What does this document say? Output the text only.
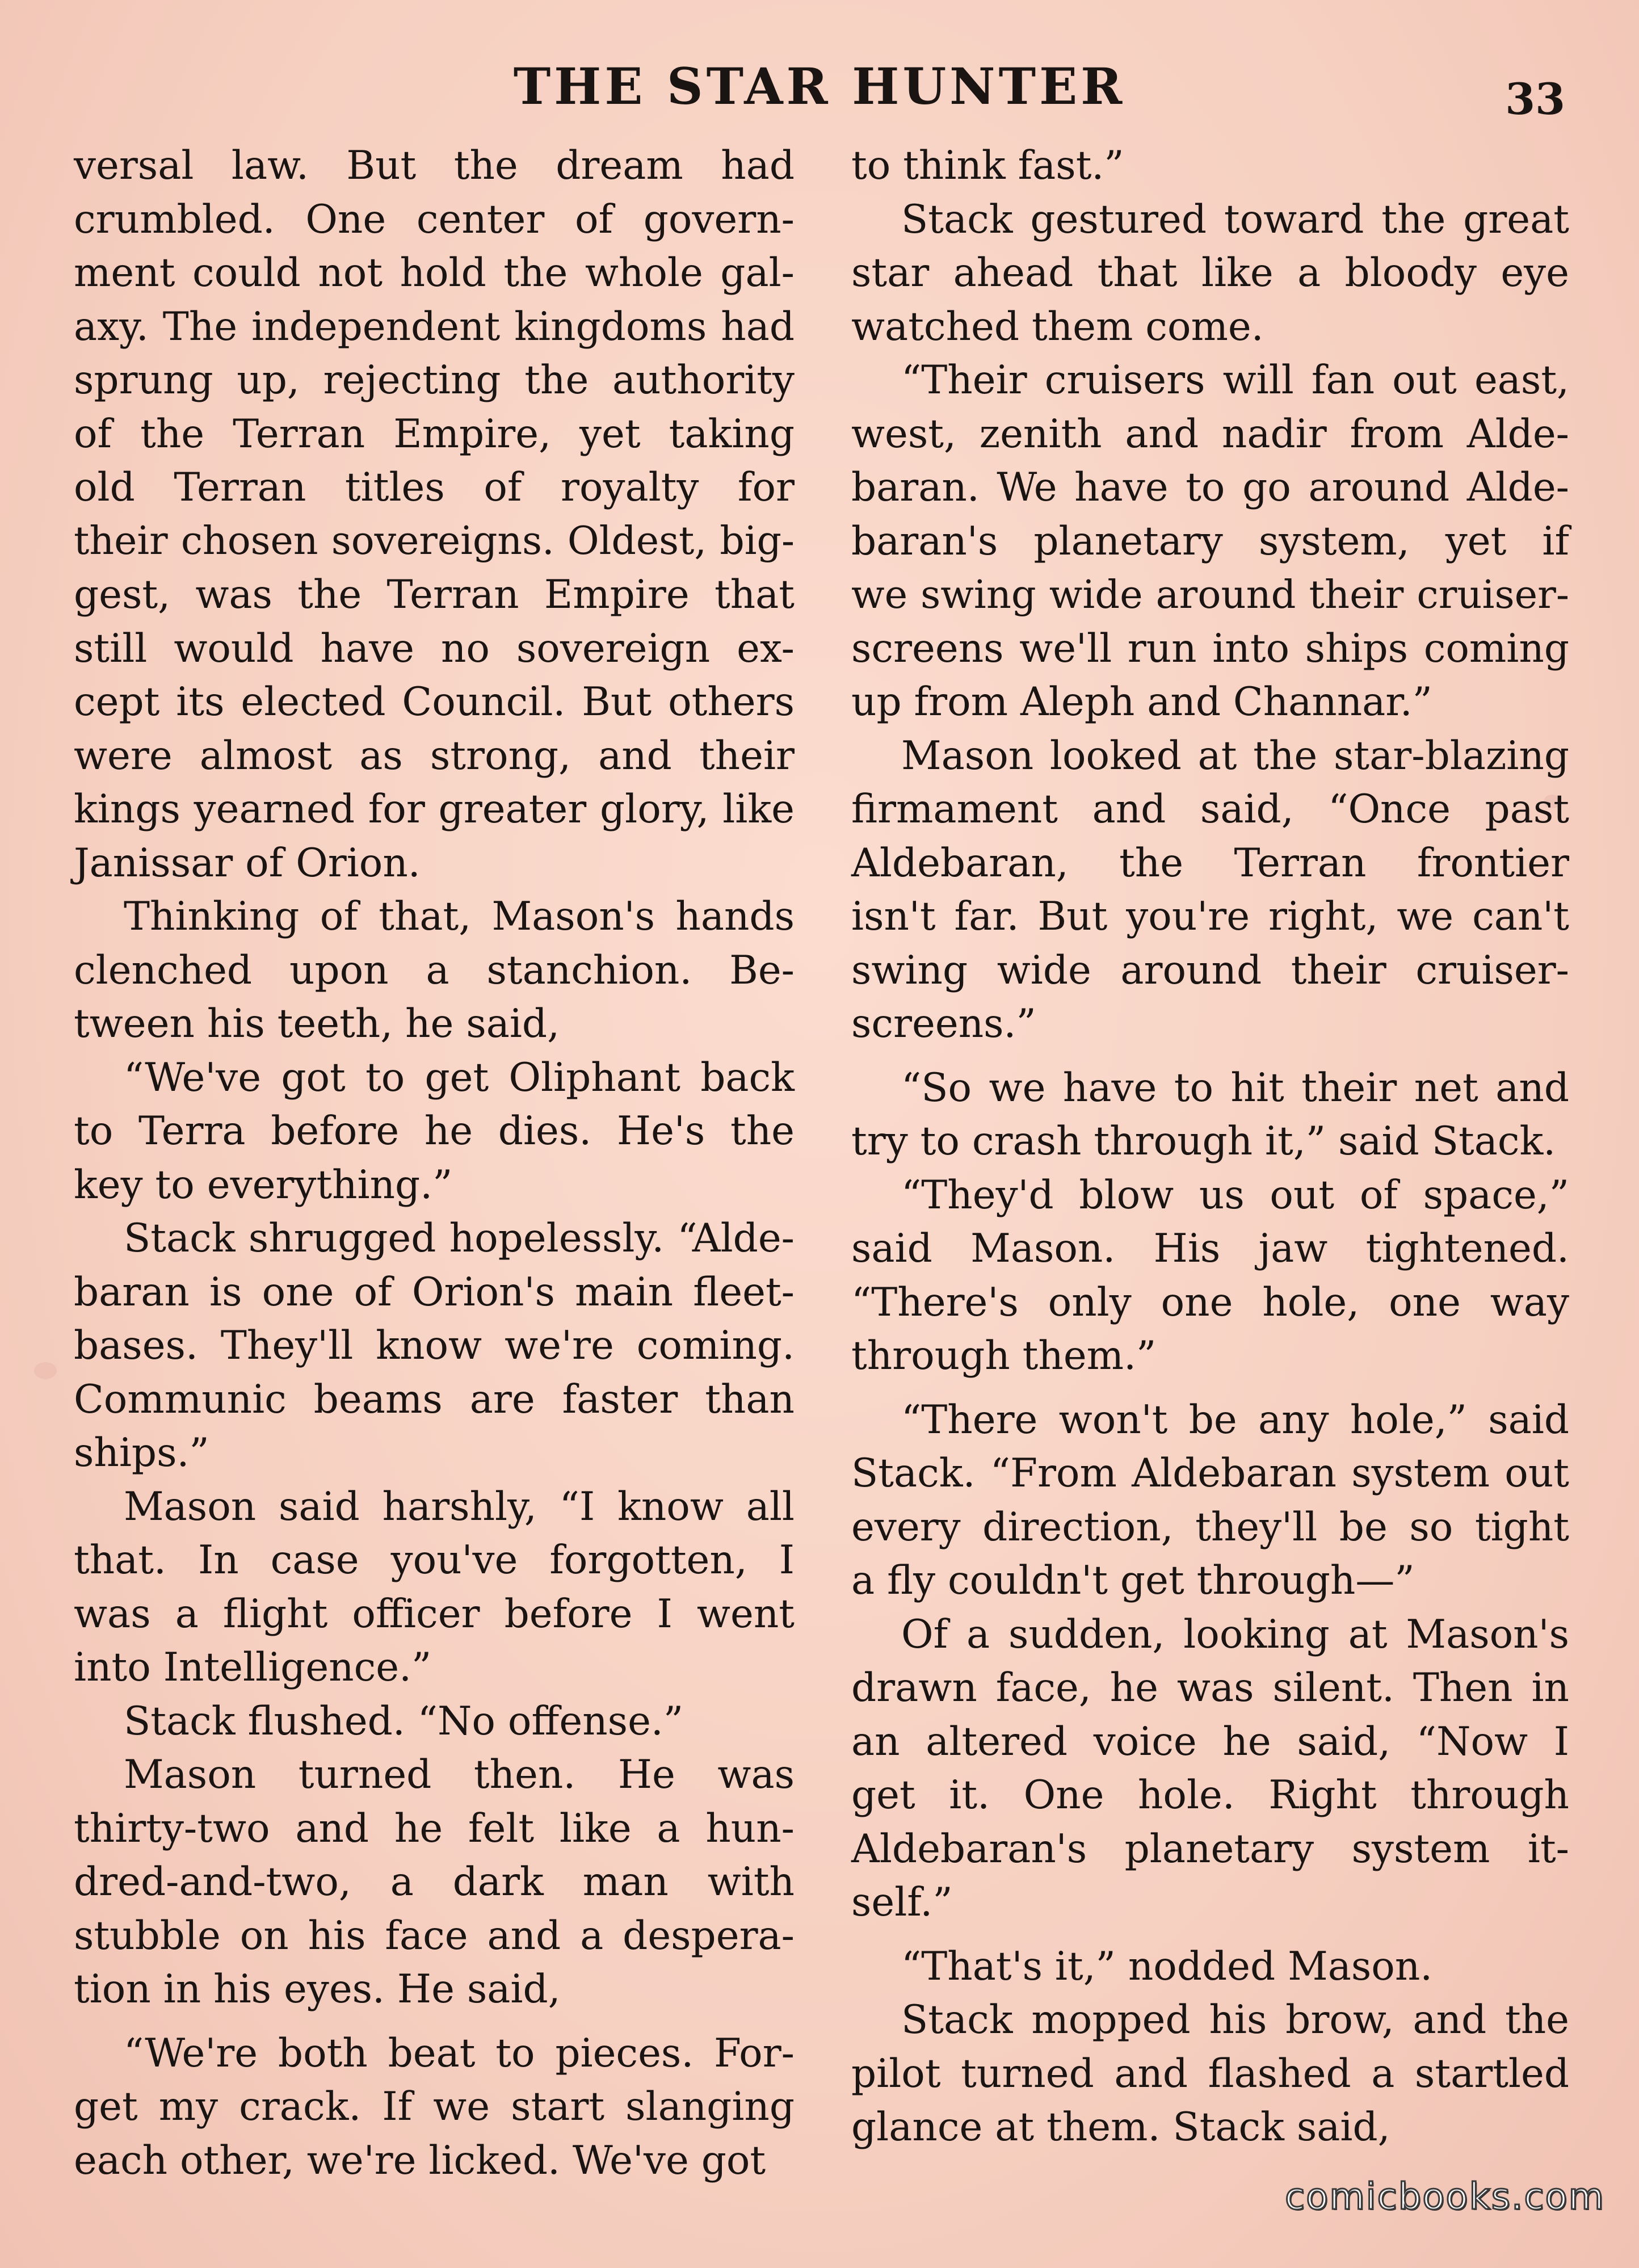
THE STAR HUNTER	33
versal law. But the dream had
crumbled. One center of govern-
ment could not hold the whole gal-
axy. The independent kingdoms had
sprung up, rejecting the authority
of the Terran Empire, yet taking
old Terran titles of royalty for
their chosen sovereigns. Oldest, big-
gest, was the Terran Empire that
still would have no sovereign ex-
cept its elected Council. But others
were almost as strong, and their
kings yearned for greater glory, like
Janissar of Orion.
Thinking of that, Mason's hands
clenched upon a stanchion. Be-
tween his teeth, he said,
“We've got to get Oliphant back
to Terra before he dies. He's the
key to everything.”
Stack shrugged hopelessly. “Alde-
baran is one of Orion's main fleet-
bases. They'll know we're coming.
Communic beams are faster than
ships.”
Mason said harshly, “I know all
that. In case you've forgotten, I
was a flight officer before I went
into Intelligence.”
Stack flushed. “No offense.”
Mason turned then. He was
thirty-two and he felt like a hun-
dred-and-two, a dark man with
stubble on his face and a despera-
tion in his eyes. He said,
“We're both beat to pieces. For-
get my crack. If we start slanging
each other, we're licked. We've got
to think fast.”
Stack gestured toward the great
star ahead that like a bloody eye
watched them come.
“Their cruisers will fan out east,
west, zenith and nadir from Alde-
baran. We have to go around Alde-
baran's planetary system, yet if
we swing wide around their cruiser-
screens we'll run into ships coming
up from Aleph and Channar.”
Mason looked at the star-blazing
firmament and said, “Once past
Aldebaran, the Terran frontier
isn't far. But you're right, we can't
swing wide around their cruiser-
screens.”
“So we have to hit their net and
try to crash through it,” said Stack.
“They'd blow us out of space,”
said Mason. His jaw tightened.
“There's only one hole, one way
through them.”
“There won't be any hole,” said
Stack. “From Aldebaran system out
every direction, they'll be so tight
a fly couldn't get through—”
Of a sudden, looking at Mason's
drawn face, he was silent. Then in
an altered voice he said, “Now I
get it. One hole. Right through
Aldebaran's planetary system it-
self.”
“That's it,” nodded Mason.
Stack mopped his brow, and the
pilot turned and flashed a startled
glance at them. Stack said,
comicbooks.com
